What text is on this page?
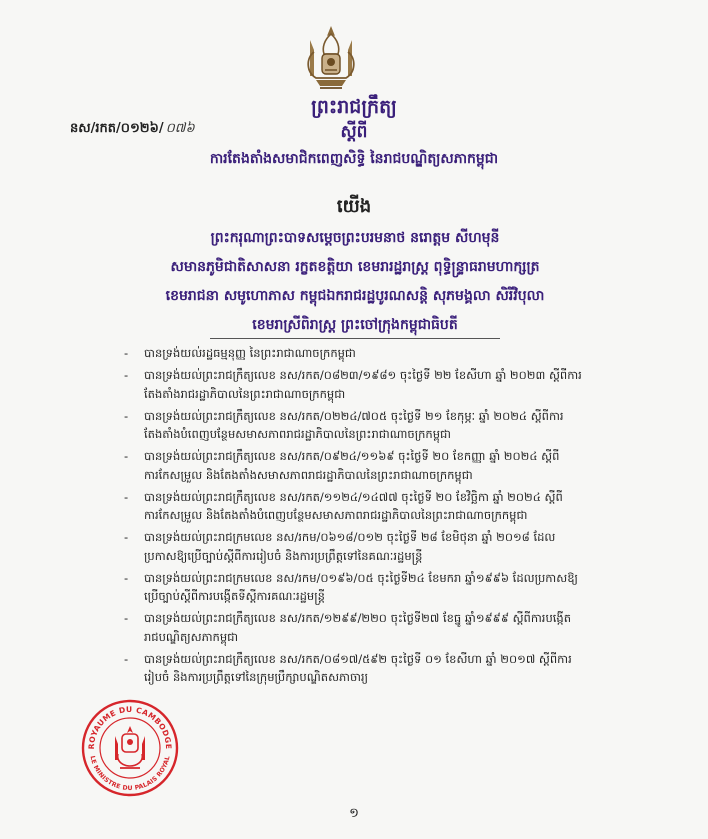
ព្រះរាជក្រឹត្យ
នស/រកត/០១២៦/ ០៧៦	ស្តីពី
ការតែងតាំងសមាជិកពេញសិទ្ធិ នៃរាជបណ្ឌិត្យសភាកម្ពុជា
យើង
ព្រះករុណាព្រះបាទសម្តេចព្រះបរមនាថ នរោត្តម សីហមុនី
សមានភូមិជាតិសាសនា រក្ខតខត្តិយា ខេមរារដ្ឋរាស្ត្រ ពុទ្ធិន្ទ្រាធរាមហាក្សត្រ
ខេមរាជនា សមូហោភាស កម្ពុជឯករាជរដ្ឋបូរណសន្តិ សុភមង្គលា សិរីវិបុលា
ខេមរាស្រីពិរាស្ត្រ ព្រះចៅក្រុងកម្ពុជាធិបតី
- បានទ្រង់យល់រដ្ឋធម្មនុញ្ញ នៃព្រះរាជាណាចក្រកម្ពុជា
- បានទ្រង់យល់ព្រះរាជក្រឹត្យលេខ នស/រកត/០៨២៣/១៩៨១ ចុះថ្ងៃទី ២២ ខែសីហា ឆ្នាំ ២០២៣ ស្តីពីការតែងតាំងរាជរដ្ឋាភិបាលនៃព្រះរាជាណាចក្រកម្ពុជា
- បានទ្រង់យល់ព្រះរាជក្រឹត្យលេខ នស/រកត/០២២៤/៧០៥ ចុះថ្ងៃទី ២១ ខែកុម្ភៈ ឆ្នាំ ២០២៤ ស្តីពីការតែងតាំងបំពេញបន្ថែមសមាសភាពរាជរដ្ឋាភិបាលនៃព្រះរាជាណាចក្រកម្ពុជា
- បានទ្រង់យល់ព្រះរាជក្រឹត្យលេខ នស/រកត/០៩២៤/១១៦៩ ចុះថ្ងៃទី ២០ ខែកញ្ញា ឆ្នាំ ២០២៤ ស្តីពីការកែសម្រួល និងតែងតាំងសមាសភាពរាជរដ្ឋាភិបាលនៃព្រះរាជាណាចក្រកម្ពុជា
- បានទ្រង់យល់ព្រះរាជក្រឹត្យលេខ នស/រកត/១១២៤/១៤៧៧ ចុះថ្ងៃទី ២០ ខែវិច្ឆិកា ឆ្នាំ ២០២៤ ស្តីពីការកែសម្រួល និងតែងតាំងបំពេញបន្ថែមសមាសភាពរាជរដ្ឋាភិបាលនៃព្រះរាជាណាចក្រកម្ពុជា
- បានទ្រង់យល់ព្រះរាជក្រមលេខ នស/រកម/០៦១៨/០១២ ចុះថ្ងៃទី ២៨ ខែមិថុនា ឆ្នាំ ២០១៨ ដែលប្រកាសឱ្យប្រើច្បាប់ស្តីពីការរៀបចំ និងការប្រព្រឹត្តទៅនៃគណៈរដ្ឋមន្ត្រី
- បានទ្រង់យល់ព្រះរាជក្រមលេខ នស/រកម/០១៩៦/០៥ ចុះថ្ងៃទី២៤ ខែមករា ឆ្នាំ១៩៩៦ ដែលប្រកាសឱ្យប្រើច្បាប់ស្តីពីការបង្កើតទីស្តីការគណៈរដ្ឋមន្ត្រី
- បានទ្រង់យល់ព្រះរាជក្រឹត្យលេខ នស/រកត/១២៩៩/២២០ ចុះថ្ងៃទី២៧ ខែធ្នូ ឆ្នាំ១៩៩៩ ស្តីពីការបង្កើតរាជបណ្ឌិត្យសភាកម្ពុជា
- បានទ្រង់យល់ព្រះរាជក្រឹត្យលេខ នស/រកត/០៨១៧/៥៩២ ចុះថ្ងៃទី ០១ ខែសីហា ឆ្នាំ ២០១៧ ស្តីពីការរៀបចំ និងការប្រព្រឹត្តទៅនៃក្រុមប្រឹក្សាបណ្ឌិតសភាចារ្យ
ROYAUME DU CAMBODGE
LE MINISTRE DU PALAIS ROYAL
១
